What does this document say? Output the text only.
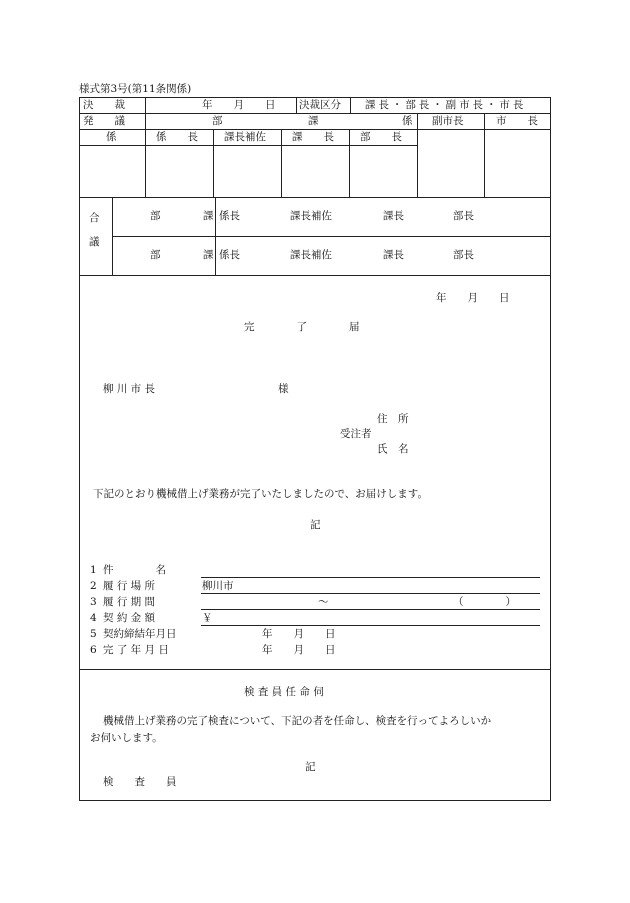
様式第3号(第11条関係)
決　　裁	年　　月　　日 決裁区分 課長・部長・副市長・市長
発　　議	部	課	係 副市長	市　　長
係	係　　長 課長補佐 課　　長 部　　長
合

議
部	課 係長	課長補佐	課長	部長
部	課 係長	課長補佐	課長	部長
年　　月　　日
完　　　　了　　　　届
柳 川 市 長	様
住　所
受注者
氏　名
下記のとおり機械借上げ業務が完了いたしましたので、お届けします。
記
1 件　　　　名
2 履 行 場 所	柳川市
3 履 行 期 間	～	（　　　　）
4 契 約 金 額	￥
5 契約締結年月日	年　　月　　日
6 完 了 年 月 日	年　　月　　日
検 査 員 任 命 伺
機械借上げ業務の完了検査について、下記の者を任命し、検査を行ってよろしいか
お伺いします。
記
検　　査　　員
